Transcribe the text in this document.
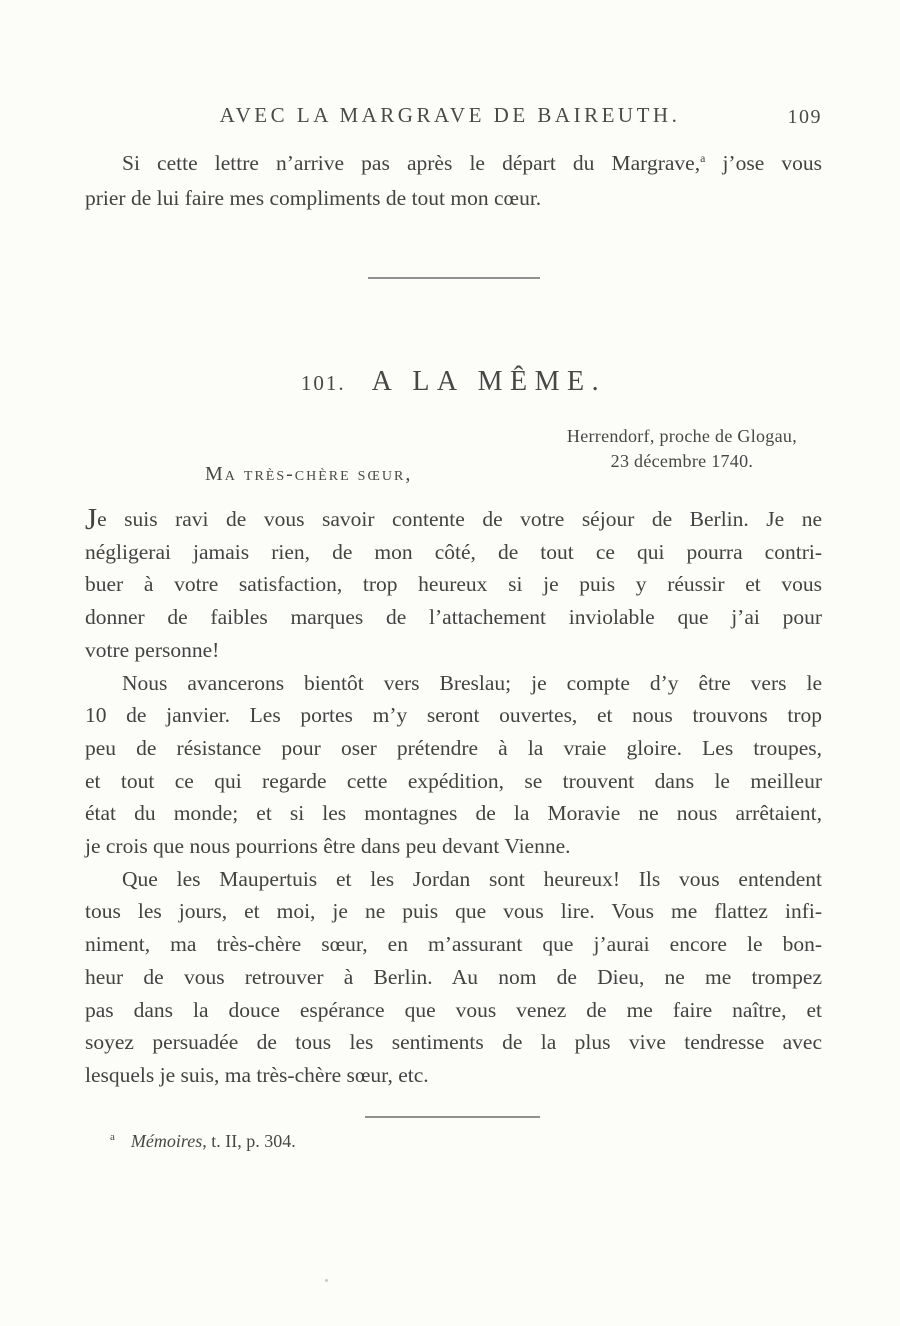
AVEC LA MARGRAVE DE BAIREUTH.	109
Si cette lettre n’arrive pas après le départ du Margrave,$^a$ j’ose vous
prier de lui faire mes compliments de tout mon cœur.
101. A LA MÊME.
Herrendorf, proche de Glogau,
23 décembre 1740.
Ma très-chère sœur,
Je suis ravi de vous savoir contente de votre séjour de Berlin. Je ne
négligerai jamais rien, de mon côté, de tout ce qui pourra contri-
buer à votre satisfaction, trop heureux si je puis y réussir et vous
donner de faibles marques de l’attachement inviolable que j’ai pour
votre personne!
Nous avancerons bientôt vers Breslau; je compte d’y être vers le
10 de janvier. Les portes m’y seront ouvertes, et nous trouvons trop
peu de résistance pour oser prétendre à la vraie gloire. Les troupes,
et tout ce qui regarde cette expédition, se trouvent dans le meilleur
état du monde; et si les montagnes de la Moravie ne nous arrêtaient,
je crois que nous pourrions être dans peu devant Vienne.
Que les Maupertuis et les Jordan sont heureux! Ils vous entendent
tous les jours, et moi, je ne puis que vous lire. Vous me flattez infi-
niment, ma très-chère sœur, en m’assurant que j’aurai encore le bon-
heur de vous retrouver à Berlin. Au nom de Dieu, ne me trompez
pas dans la douce espérance que vous venez de me faire naître, et
soyez persuadée de tous les sentiments de la plus vive tendresse avec
lesquels je suis, ma très-chère sœur, etc.
$^a$ Mémoires, t. II, p. 304.
